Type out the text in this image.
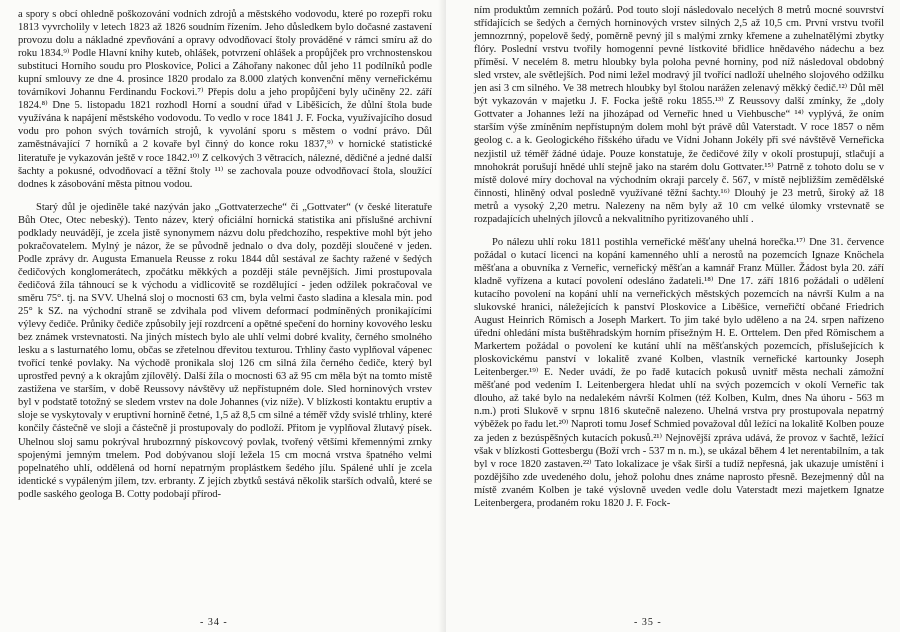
a spory s obcí ohledně poškozování vodních zdrojů a městského vodovodu, které po rozepři roku 1813 vyvrcholily v letech 1823 až 1826 soudním řízením. Jeho důsledkem bylo dočasné zastavení provozu dolu a nákladné zpevňování a opravy odvodňovací štoly prováděné v rámci smíru až do roku 1834.⁹⁾ Podle Hlavní knihy kuteb, ohlášek, potvrzení ohlášek a propůjček pro vrchnostenskou substituci Horního soudu pro Ploskovice, Polici a Záhořany nakonec důl jeho 11 podílníků podle kupní smlouvy ze dne 4. prosince 1820 prodalo za 8.000 zlatých konvenční měny verneřickému továrníkovi Johannu Ferdinandu Fockovi.⁷⁾ Přepis dolu a jeho propůjčení byly učiněny 22. září 1824.⁸⁾ Dne 5. listopadu 1821 rozhodl Horní a soudní úřad v Liběšicích, že důlní štola bude využívána k napájení městského vodovodu. To vedlo v roce 1841 J. F. Focka, využívajícího dosud vodu pro pohon svých továrních strojů, k vyvolání sporu s městem o vodní právo. Důl zaměstnávající 7 horníků a 2 kovaře byl činný do konce roku 1837,⁹⁾ v hornické statistické literatuře je vykazován ještě v roce 1842.¹⁰⁾ Z celkových 3 větracích, nálezné, dědičné a jedné další šachty a pokusné, odvodňovací a těžní štoly ¹¹⁾ se zachovala pouze odvodňovací štola, sloužící dodnes k zásobování města pitnou vodou.

Starý důl je ojediněle také nazýván jako „Gottvaterzeche“ či „Gottvater“ (v české literatuře Bůh Otec, Otec nebeský). Tento název, který oficiální hornická statistika ani příslušné archivní podklady neuvádějí, je zcela jistě synonymem názvu dolu předchozího, respektive mohl být jeho pokračovatelem. Mylný je názor, že se původně jednalo o dva doly, později sloučené v jeden. Podle zprávy dr. Augusta Emanuela Reusse z roku 1844 důl sestával ze šachty ražené v šedých čedičových konglomerátech, zpočátku měkkých a později stále pevnějších. Jimi prostupovala čedičová žíla táhnoucí se k východu a vidlicovitě se rozdělující - jeden odžilek pokračoval ve směru 75°. tj. na SVV. Uhelná sloj o mocnosti 63 cm, byla velmi často sladina a klesala min. pod 25° k SZ. na východní straně se zdvihala pod vlivem deformací podmíněných pronikajícími výlevy čediče. Průniky čediče způsobily její rozdrcení a opětné spečení do horniny kovového lesku bez známek vrstevnatosti. Na jiných místech bylo ale uhlí velmi dobré kvality, černého smolného lesku a s lasturnatého lomu, občas se zřetelnou dřevitou texturou. Trhliny často vyplňoval vápenec tvořící tenké povlaky. Na východě pronikala sloj 126 cm silná žíla černého čediče, který byl uprostřed pevný a k okrajům zjílovělý. Další žíla o mocnosti 63 až 95 cm měla být na tomto místě zastižena ve starším, v době Reussovy návštěvy už nepřístupném dole. Sled horninových vrstev byl v podstatě totožný se sledem vrstev na dole Johannes (viz níže). V blízkosti kontaktu eruptiv a sloje se vyskytovaly v eruptivní hornině četné, 1,5 až 8,5 cm silné a téměř vždy svislé trhliny, které končily částečně ve sloji a částečně ji prostupovaly do podloží. Přitom je vyplňoval žlutavý písek. Uhelnou sloj samu pokrýval hrubozrnný pískovcový povlak, tvořený většími křemennými zrnky spojenými jemným tmelem. Pod dobývanou slojí ležela 15 cm mocná vrstva špatného velmi popelnatého uhlí, oddělená od horní nepatrným proplástkem šedého jílu. Spálené uhlí je zcela identické s vypáleným jílem, tzv. erbranty. Z jejích zbytků sestává několik starších odvalů, které se podle saského geologa B. Cotty podobají přírod-

- 34 -

ním produktům zemních požárů. Pod touto slojí následovalo necelých 8 metrů mocné souvrství střídajících se šedých a černých horninových vrstev silných 2,5 až 10,5 cm. První vrstvu tvořil jemnozrnný, popelově šedý, poměrně pevný jíl s malými zrnky křemene a zuhelnatělými zbytky flóry. Poslední vrstvu tvořily homogenní pevné lístkovité břidlice hnědavého nádechu a bez příměsí. V necelém 8. metru hloubky byla poloha pevné horniny, pod níž následoval obdobný sled vrstev, ale světlejších. Pod nimi ležel modravý jíl tvořící nadloží uhelného slojového odžilku jen asi 3 cm silného. Ve 38 metrech hloubky byl štolou narážen zelenavý měkký čedič.¹²⁾ Důl měl být vykazován v majetku J. F. Focka ještě roku 1855.¹³⁾ Z Reussovy další zmínky, že „doly Gottvater a Johannes leží na jihozápad od Verneřic hned u Viehbusche“ ¹⁴⁾ vyplývá, že oním starším výše zmíněním nepřístupným dolem mohl být právě důl Vaterstadt. V roce 1857 o něm geolog c. a k. Geologického říšského úřadu ve Vídni Johann Jokély při své návštěvě Verneřicka nezjistil už téměř žádné údaje. Pouze konstatuje, že čedičové žíly v okolí prostupují, stlačují a mnohokrát porušují hnědé uhlí stejně jako na starém dolu Gottvater.¹⁵⁾ Patrně z tohoto dolu se v místě dolové míry dochoval na východním okraji parcely č. 567, v místě nejbližším zemědělské činnosti, hliněný odval posledně využívané těžní šachty.¹⁶⁾ Dlouhý je 23 metrů, široký až 18 metrů a vysoký 2,20 metru. Nalezeny na něm byly až 10 cm velké úlomky vrstevnatě se rozpadajících uhelných jílovců a nekvalitního pyritizovaného uhlí .

Po nálezu uhlí roku 1811 postihla verneřické měšťany uhelná horečka.¹⁷⁾ Dne 31. července požádal o kutací licenci na kopání kamenného uhlí a nerostů na pozemcích Ignaze Knöchela měšťana a obuvníka z Verneřic, verneřický měšťan a kamnář Franz Müller. Žádost byla 20. září kladně vyřízena a kutací povolení odesláno žadateli.¹⁸⁾ Dne 17. září 1816 požádali o udělení kutacího povolení na kopání uhlí na verneřických městských pozemcích na návrší Kulm a na slukovské hranici, náležejících k panství Ploskovice a Liběšice, verneřičtí občané Friedrich August Heinrich Römisch a Joseph Markert. To jim také bylo uděleno a na 24. srpen nařízeno úřední ohledání místa buštěhradským horním přísežným H. E. Orttelem. Den před Römischem a Markertem požádal o povolení ke kutání uhlí na měšťanských pozemcích, příslušejících k ploskovickému panství v lokalitě zvané Kolben, vlastník verneřické kartounky Joseph Leitenberger.¹⁹⁾ E. Neder uvádí, že po řadě kutacích pokusů uvnitř města nechali zámožní měšťané pod vedením I. Leitenbergera hledat uhlí na svých pozemcích v okolí Verneřic tak dlouho, až také bylo na nedalekém návrší Kolmen (též Kolben, Kulm, dnes Na úhoru - 563 m n.m.) proti Slukově v srpnu 1816 skutečně nalezeno. Uhelná vrstva pry prostupovala nepatrný výběžek po řadu let.²⁰⁾ Naproti tomu Josef Schmied považoval důl ležící na lokalitě Kolben pouze za jeden z bezúspěšných kutacích pokusů.²¹⁾ Nejnovější zpráva udává, že provoz v šachtě, ležící však v blízkosti Gottesbergu (Boží vrch - 537 m n. m.), se ukázal během 4 let nerentabilním, a tak byl v roce 1820 zastaven.²²⁾ Tato lokalizace je však širší a tudíž nepřesná, jak ukazuje umístění i pozdějšího zde uvedeného dolu, jehož polohu dnes známe naprosto přesně. Bezejmenný důl na místě zvaném Kolben je také výslovně uveden vedle dolu Vaterstadt mezi majetkem Ignatze Leitenbergera, prodaném roku 1820 J. F. Fock-

- 35 -
